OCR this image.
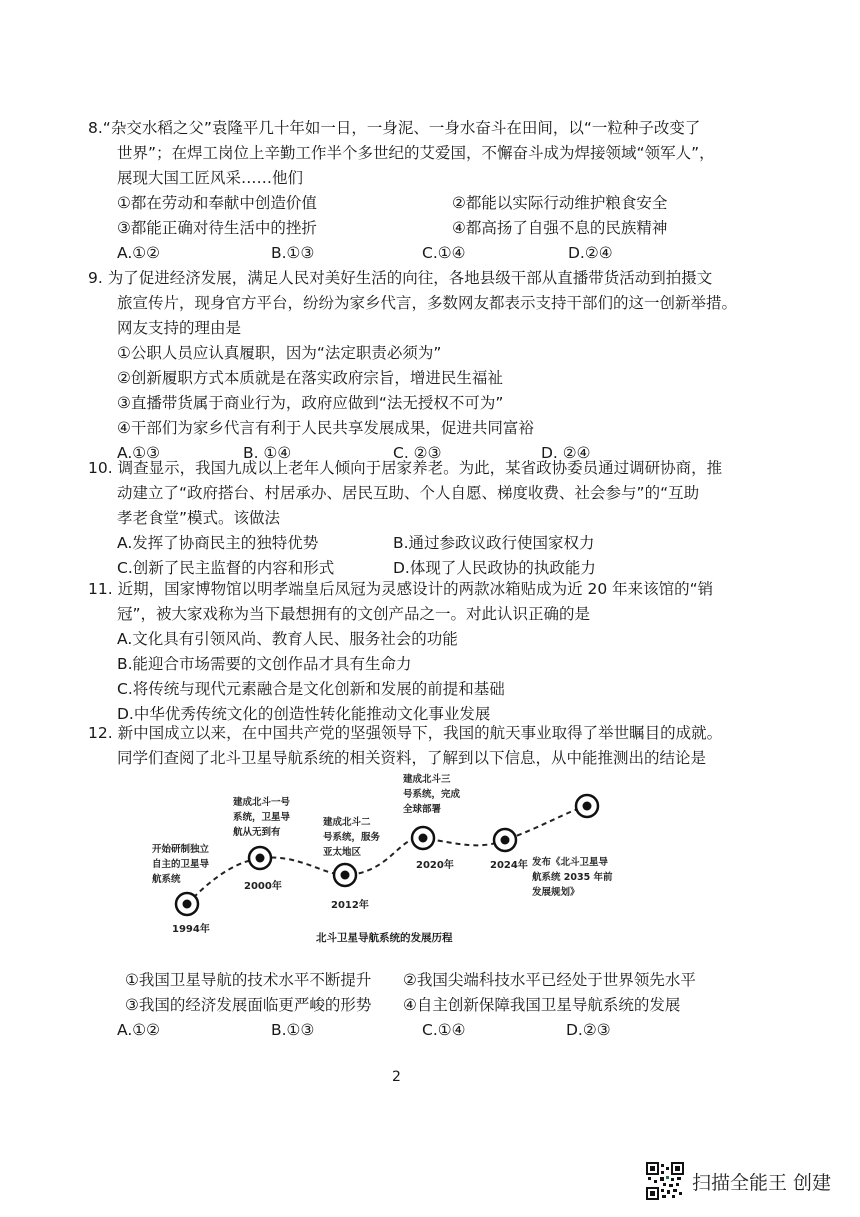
8.“杂交水稻之父”袁隆平几十年如一日，一身泥、一身水奋斗在田间，以“一粒种子改变了
世界”；在焊工岗位上辛勤工作半个多世纪的艾爱国，不懈奋斗成为焊接领域“领军人”，
展现大国工匠风采……他们
①都在劳动和奉献中创造价值	②都能以实际行动维护粮食安全
③都能正确对待生活中的挫折	④都高扬了自强不息的民族精神
A.①②	B.①③	C.①④	D.②④
9. 为了促进经济发展，满足人民对美好生活的向往，各地县级干部从直播带货活动到拍摄文
旅宣传片，现身官方平台，纷纷为家乡代言，多数网友都表示支持干部们的这一创新举措。
网友支持的理由是
①公职人员应认真履职，因为“法定职责必须为”
②创新履职方式本质就是在落实政府宗旨，增进民生福祉
③直播带货属于商业行为，政府应做到“法无授权不可为”
④干部们为家乡代言有利于人民共享发展成果，促进共同富裕
A.①③	B. ①④	C. ②③	D. ②④
10. 调查显示，我国九成以上老年人倾向于居家养老。为此，某省政协委员通过调研协商，推
动建立了“政府搭台、村居承办、居民互助、个人自愿、梯度收费、社会参与”的“互助
孝老食堂”模式。该做法
A.发挥了协商民主的独特优势	B.通过参政议政行使国家权力
C.创新了民主监督的内容和形式	D.体现了人民政协的执政能力
11. 近期，国家博物馆以明孝端皇后凤冠为灵感设计的两款冰箱贴成为近 20 年来该馆的“销
冠”，被大家戏称为当下最想拥有的文创产品之一。对此认识正确的是
A.文化具有引领风尚、教育人民、服务社会的功能
B.能迎合市场需要的文创作品才具有生命力
C.将传统与现代元素融合是文化创新和发展的前提和基础
D.中华优秀传统文化的创造性转化能推动文化事业发展
12. 新中国成立以来，在中国共产党的坚强领导下，我国的航天事业取得了举世瞩目的成就。
同学们查阅了北斗卫星导航系统的相关资料，了解到以下信息，从中能推测出的结论是
1994年
2000年
2012年
2020年	2024年
开始研制独立
自主的卫星导
航系统
建成北斗一号
系统，卫星导
航从无到有
建成北斗二
号系统，服务
亚太地区
建成北斗三
号系统，完成
全球部署
发布《北斗卫星导
航系统 2035 年前
发展规划》
北斗卫星导航系统的发展历程
①我国卫星导航的技术水平不断提升 ②我国尖端科技水平已经处于世界领先水平
③我国的经济发展面临更严峻的形势 ④自主创新保障我国卫星导航系统的发展
A.①②	B.①③	C.①④	D.②③
2
扫描全能王 创建
